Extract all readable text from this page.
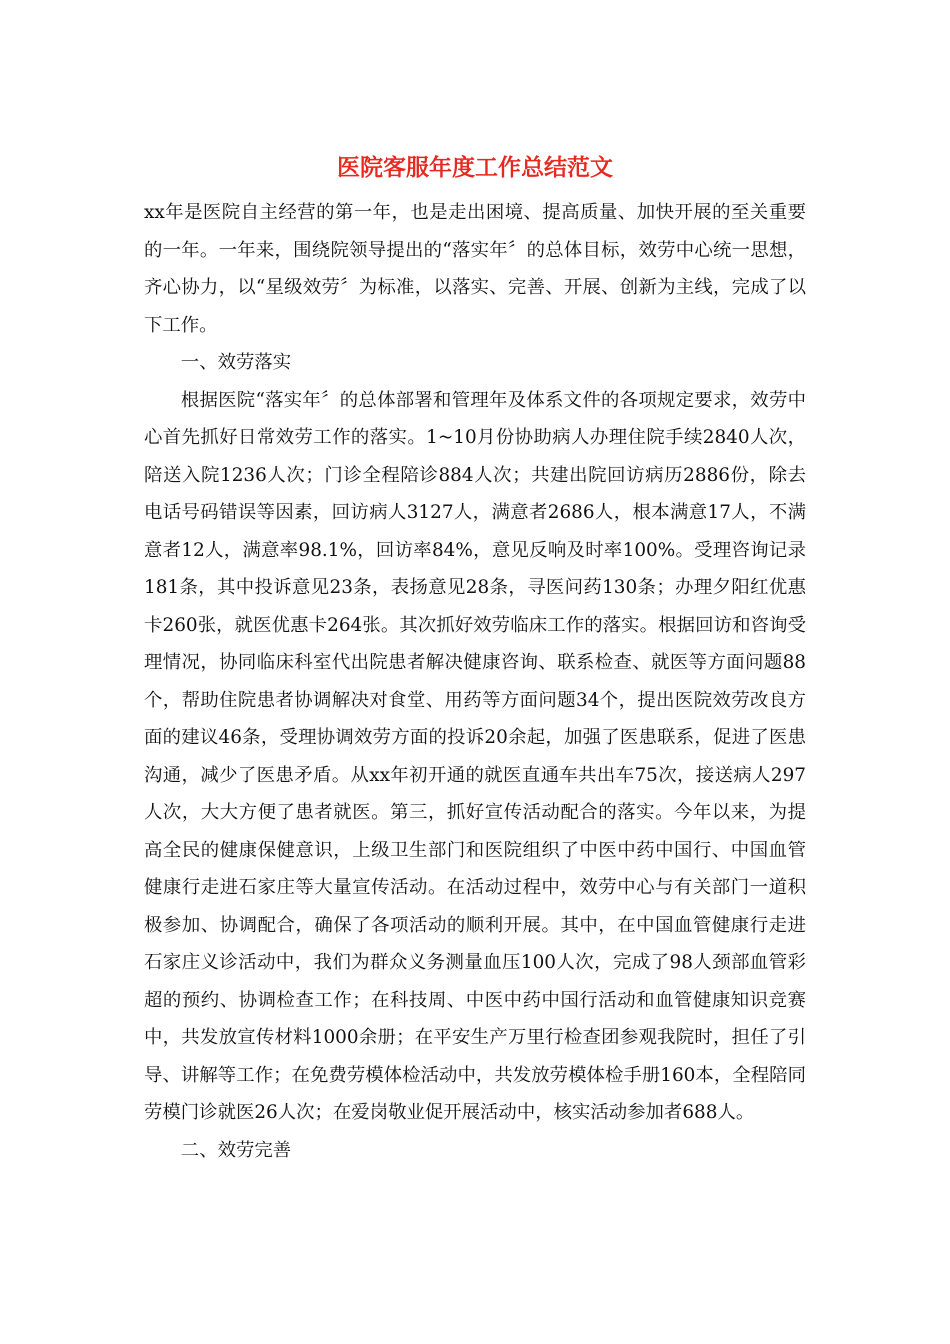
医院客服年度工作总结范文

xx年是医院自主经营的第一年，也是走出困境、提高质量、加快开展的至关重要的一年。一年来，围绕院领导提出的“落实年〞的总体目标，效劳中心统一思想，齐心协力，以“星级效劳〞为标准，以落实、完善、开展、创新为主线，完成了以下工作。

一、效劳落实

根据医院“落实年〞的总体部署和管理年及体系文件的各项规定要求，效劳中心首先抓好日常效劳工作的落实。1~10月份协助病人办理住院手续2840人次，陪送入院1236人次；门诊全程陪诊884人次；共建出院回访病历2886份，除去电话号码错误等因素，回访病人3127人，满意者2686人，根本满意17人，不满意者12人，满意率98.1%，回访率84%，意见反响及时率100%。受理咨询记录181条，其中投诉意见23条，表扬意见28条，寻医问药130条；办理夕阳红优惠卡260张，就医优惠卡264张。其次抓好效劳临床工作的落实。根据回访和咨询受理情况，协同临床科室代出院患者解决健康咨询、联系检查、就医等方面问题88个，帮助住院患者协调解决对食堂、用药等方面问题34个，提出医院效劳改良方面的建议46条，受理协调效劳方面的投诉20余起，加强了医患联系，促进了医患沟通，减少了医患矛盾。从xx年初开通的就医直通车共出车75次，接送病人297人次，大大方便了患者就医。第三，抓好宣传活动配合的落实。今年以来，为提高全民的健康保健意识，上级卫生部门和医院组织了中医中药中国行、中国血管健康行走进石家庄等大量宣传活动。在活动过程中，效劳中心与有关部门一道积极参加、协调配合，确保了各项活动的顺利开展。其中，在中国血管健康行走进石家庄义诊活动中，我们为群众义务测量血压100人次，完成了98人颈部血管彩超的预约、协调检查工作；在科技周、中医中药中国行活动和血管健康知识竞赛中，共发放宣传材料1000余册；在平安生产万里行检查团参观我院时，担任了引导、讲解等工作；在免费劳模体检活动中，共发放劳模体检手册160本，全程陪同劳模门诊就医26人次；在爱岗敬业促开展活动中，核实活动参加者688人。

二、效劳完善
